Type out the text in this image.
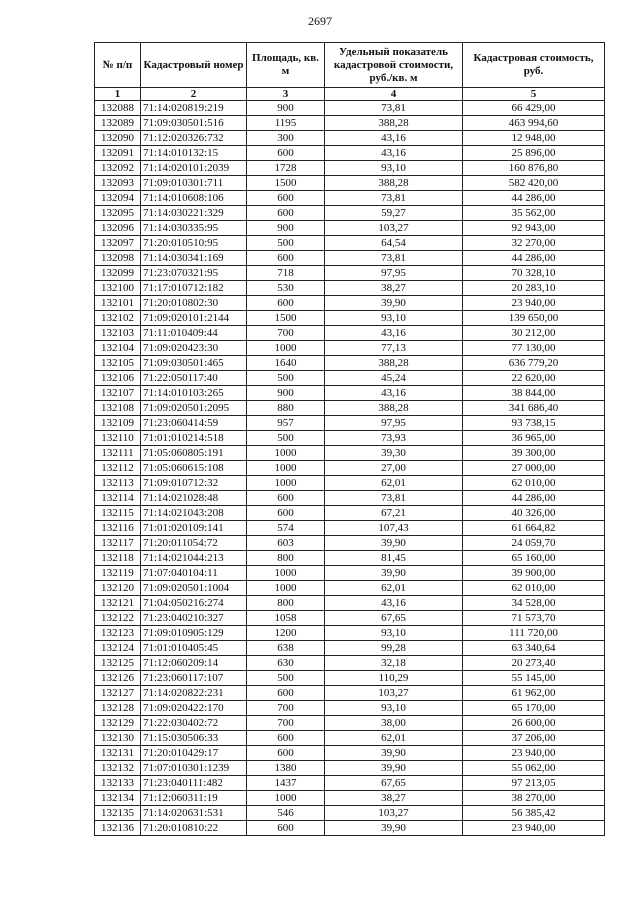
2697
№ п/п	Кадастровый номер	Площадь, кв. м	Удельный показатель кадастровой стоимости, руб./кв. м	Кадастровая стоимость, руб.
1	2	3	4	5
132088	71:14:020819:219	900	73,81	66 429,00
132089	71:09:030501:516	1195	388,28	463 994,60
132090	71:12:020326:732	300	43,16	12 948,00
132091	71:14:010132:15	600	43,16	25 896,00
132092	71:14:020101:2039	1728	93,10	160 876,80
132093	71:09:010301:711	1500	388,28	582 420,00
132094	71:14:010608:106	600	73,81	44 286,00
132095	71:14:030221:329	600	59,27	35 562,00
132096	71:14:030335:95	900	103,27	92 943,00
132097	71:20:010510:95	500	64,54	32 270,00
132098	71:14:030341:169	600	73,81	44 286,00
132099	71:23:070321:95	718	97,95	70 328,10
132100	71:17:010712:182	530	38,27	20 283,10
132101	71:20:010802:30	600	39,90	23 940,00
132102	71:09:020101:2144	1500	93,10	139 650,00
132103	71:11:010409:44	700	43,16	30 212,00
132104	71:09:020423:30	1000	77,13	77 130,00
132105	71:09:030501:465	1640	388,28	636 779,20
132106	71:22:050117:40	500	45,24	22 620,00
132107	71:14:010103:265	900	43,16	38 844,00
132108	71:09:020501:2095	880	388,28	341 686,40
132109	71:23:060414:59	957	97,95	93 738,15
132110	71:01:010214:518	500	73,93	36 965,00
132111	71:05:060805:191	1000	39,30	39 300,00
132112	71:05:060615:108	1000	27,00	27 000,00
132113	71:09:010712:32	1000	62,01	62 010,00
132114	71:14:021028:48	600	73,81	44 286,00
132115	71:14:021043:208	600	67,21	40 326,00
132116	71:01:020109:141	574	107,43	61 664,82
132117	71:20:011054:72	603	39,90	24 059,70
132118	71:14:021044:213	800	81,45	65 160,00
132119	71:07:040104:11	1000	39,90	39 900,00
132120	71:09:020501:1004	1000	62,01	62 010,00
132121	71:04:050216:274	800	43,16	34 528,00
132122	71:23:040210:327	1058	67,65	71 573,70
132123	71:09:010905:129	1200	93,10	111 720,00
132124	71:01:010405:45	638	99,28	63 340,64
132125	71:12:060209:14	630	32,18	20 273,40
132126	71:23:060117:107	500	110,29	55 145,00
132127	71:14:020822:231	600	103,27	61 962,00
132128	71:09:020422:170	700	93,10	65 170,00
132129	71:22:030402:72	700	38,00	26 600,00
132130	71:15:030506:33	600	62,01	37 206,00
132131	71:20:010429:17	600	39,90	23 940,00
132132	71:07:010301:1239	1380	39,90	55 062,00
132133	71:23:040111:482	1437	67,65	97 213,05
132134	71:12:060311:19	1000	38,27	38 270,00
132135	71:14:020631:531	546	103,27	56 385,42
132136	71:20:010810:22	600	39,90	23 940,00
